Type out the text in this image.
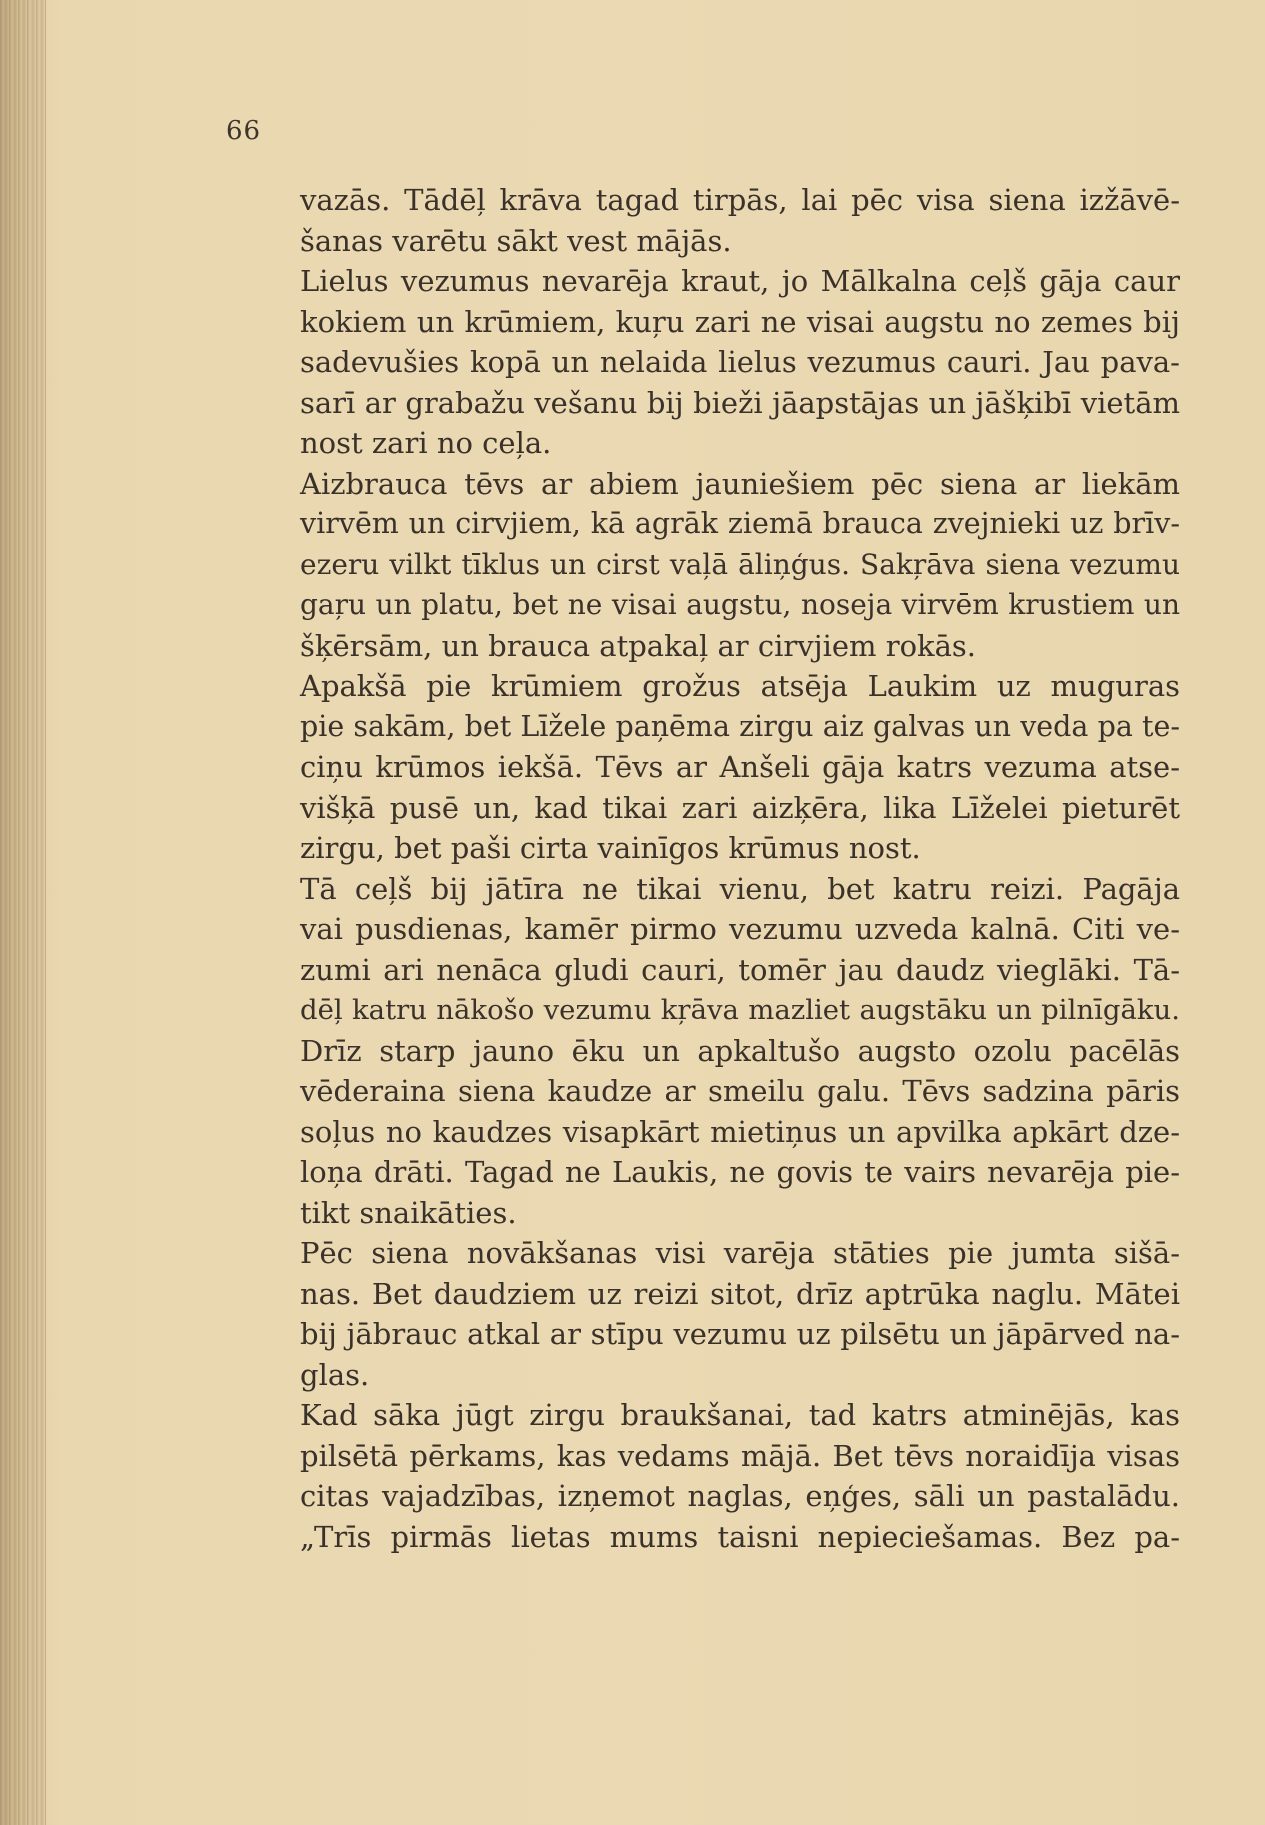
66
vazās. Tādēļ krāva tagad tirpās, lai pēc visa siena izžāvē-
šanas varētu sākt vest mājās.
Lielus vezumus nevarēja kraut, jo Mālkalna ceļš gāja caur
kokiem un krūmiem, kuŗu zari ne visai augstu no zemes bij
sadevušies kopā un nelaida lielus vezumus cauri. Jau pava-
sarī ar grabažu vešanu bij bieži jāapstājas un jāšķibī vietām
nost zari no ceļa.
Aizbrauca tēvs ar abiem jauniešiem pēc siena ar liekām
virvēm un cirvjiem, kā agrāk ziemā brauca zvejnieki uz brīv-
ezeru vilkt tīklus un cirst vaļā āliņģus. Sakŗāva siena vezumu
gaŗu un platu, bet ne visai augstu, noseja virvēm krustiem un
šķērsām, un brauca atpakaļ ar cirvjiem rokās.
Apakšā pie krūmiem grožus atsēja Laukim uz muguras
pie sakām, bet Līžele paņēma zirgu aiz galvas un veda pa te-
ciņu krūmos iekšā. Tēvs ar Anšeli gāja katrs vezuma atse-
višķā pusē un, kad tikai zari aizķēra, lika Līželei pieturēt
zirgu, bet paši cirta vainīgos krūmus nost.
Tā ceļš bij jātīra ne tikai vienu, bet katru reizi. Pagāja
vai pusdienas, kamēr pirmo vezumu uzveda kalnā. Citi ve-
zumi ari nenāca gludi cauri, tomēr jau daudz vieglāki. Tā-
dēļ katru nākošo vezumu kŗāva mazliet augstāku un pilnīgāku.
Drīz starp jauno ēku un apkaltušo augsto ozolu pacēlās
vēderaina siena kaudze ar smeilu galu. Tēvs sadzina pāris
soļus no kaudzes visapkārt mietiņus un apvilka apkārt dze-
loņa drāti. Tagad ne Laukis, ne govis te vairs nevarēja pie-
tikt snaikāties.
Pēc siena novākšanas visi varēja stāties pie jumta sišā-
nas. Bet daudziem uz reizi sitot, drīz aptrūka naglu. Mātei
bij jābrauc atkal ar stīpu vezumu uz pilsētu un jāpārved na-
glas.
Kad sāka jūgt zirgu braukšanai, tad katrs atminējās, kas
pilsētā pērkams, kas vedams mājā. Bet tēvs noraidīja visas
citas vajadzības, izņemot naglas, eņģes, sāli un pastalādu.
„Trīs pirmās lietas mums taisni nepieciešamas. Bez pa-
